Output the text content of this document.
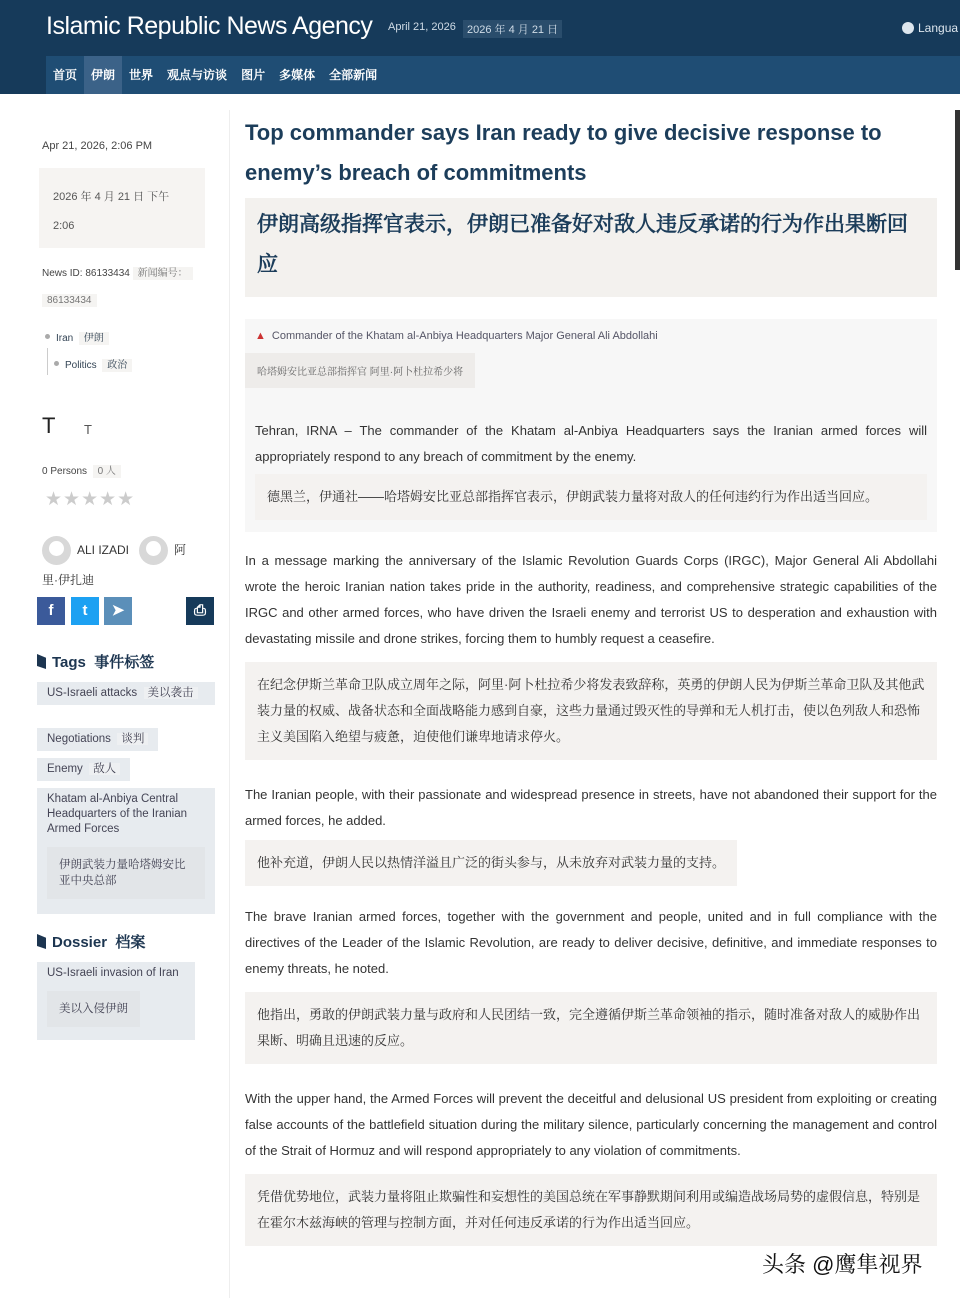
Islamic Republic News Agency April 21, 2026	2026 年 4 月 21 日	Langua
首页	伊朗	世界	观点与访谈	图片	多媒体	全部新闻
Apr 21, 2026, 2:06 PM
2026 年 4 月 21 日 下午
2:06
News ID: 86133434 新闻编号：
86133434
Iran 伊朗
Politics 政治
T T
0 Persons 0 人
★★★★★
ALI IZADI	阿
里·伊扎迪
f	t	➤	⎙
Tags 事件标签
US-Israeli attacks 美以袭击
Negotiations 谈判
Enemy 敌人
Khatam al-Anbiya Central Headquarters of the Iranian Armed Forces
伊朗武装力量哈塔姆安比亚中央总部
Dossier 档案
US-Israeli invasion of Iran美以入侵伊朗
Top commander says Iran ready to give decisive response to enemy’s breach of commitments
伊朗高级指挥官表示，伊朗已准备好对敌人违反承诺的行为作出果断回应
▲ Commander of the Khatam al-Anbiya Headquarters Major General Ali Abdollahi
哈塔姆安比亚总部指挥官 阿里·阿卜杜拉希少将

Tehran, IRNA – The commander of the Khatam al-Anbiya Headquarters says the Iranian armed forces will appropriately respond to any breach of commitment by the enemy.

德黑兰，伊通社——哈塔姆安比亚总部指挥官表示，伊朗武装力量将对敌人的任何违约行为作出适当回应。

In a message marking the anniversary of the Islamic Revolution Guards Corps (IRGC), Major General Ali Abdollahi wrote the heroic Iranian nation takes pride in the authority, readiness, and comprehensive strategic capabilities of the IRGC and other armed forces, who have driven the Israeli enemy and terrorist US to desperation and exhaustion with devastating missile and drone strikes, forcing them to humbly request a ceasefire.

在纪念伊斯兰革命卫队成立周年之际，阿里·阿卜杜拉希少将发表致辞称，英勇的伊朗人民为伊斯兰革命卫队及其他武装力量的权威、战备状态和全面战略能力感到自豪，这些力量通过毁灭性的导弹和无人机打击，使以色列敌人和恐怖主义美国陷入绝望与疲惫，迫使他们谦卑地请求停火。

The Iranian people, with their passionate and widespread presence in streets, have not abandoned their support for the armed forces, he added.

他补充道，伊朗人民以热情洋溢且广泛的街头参与，从未放弃对武装力量的支持。

The brave Iranian armed forces, together with the government and people, united and in full compliance with the directives of the Leader of the Islamic Revolution, are ready to deliver decisive, definitive, and immediate responses to enemy threats, he noted.

他指出，勇敢的伊朗武装力量与政府和人民团结一致，完全遵循伊斯兰革命领袖的指示，随时准备对敌人的威胁作出果断、明确且迅速的反应。

With the upper hand, the Armed Forces will prevent the deceitful and delusional US president from exploiting or creating false accounts of the battlefield situation during the military silence, particularly concerning the management and control of the Strait of Hormuz and will respond appropriately to any violation of commitments.

凭借优势地位，武装力量将阻止欺骗性和妄想性的美国总统在军事静默期间利用或编造战场局势的虚假信息，特别是在霍尔木兹海峡的管理与控制方面，并对任何违反承诺的行为作出适当回应。
头条 @鹰隼视界
